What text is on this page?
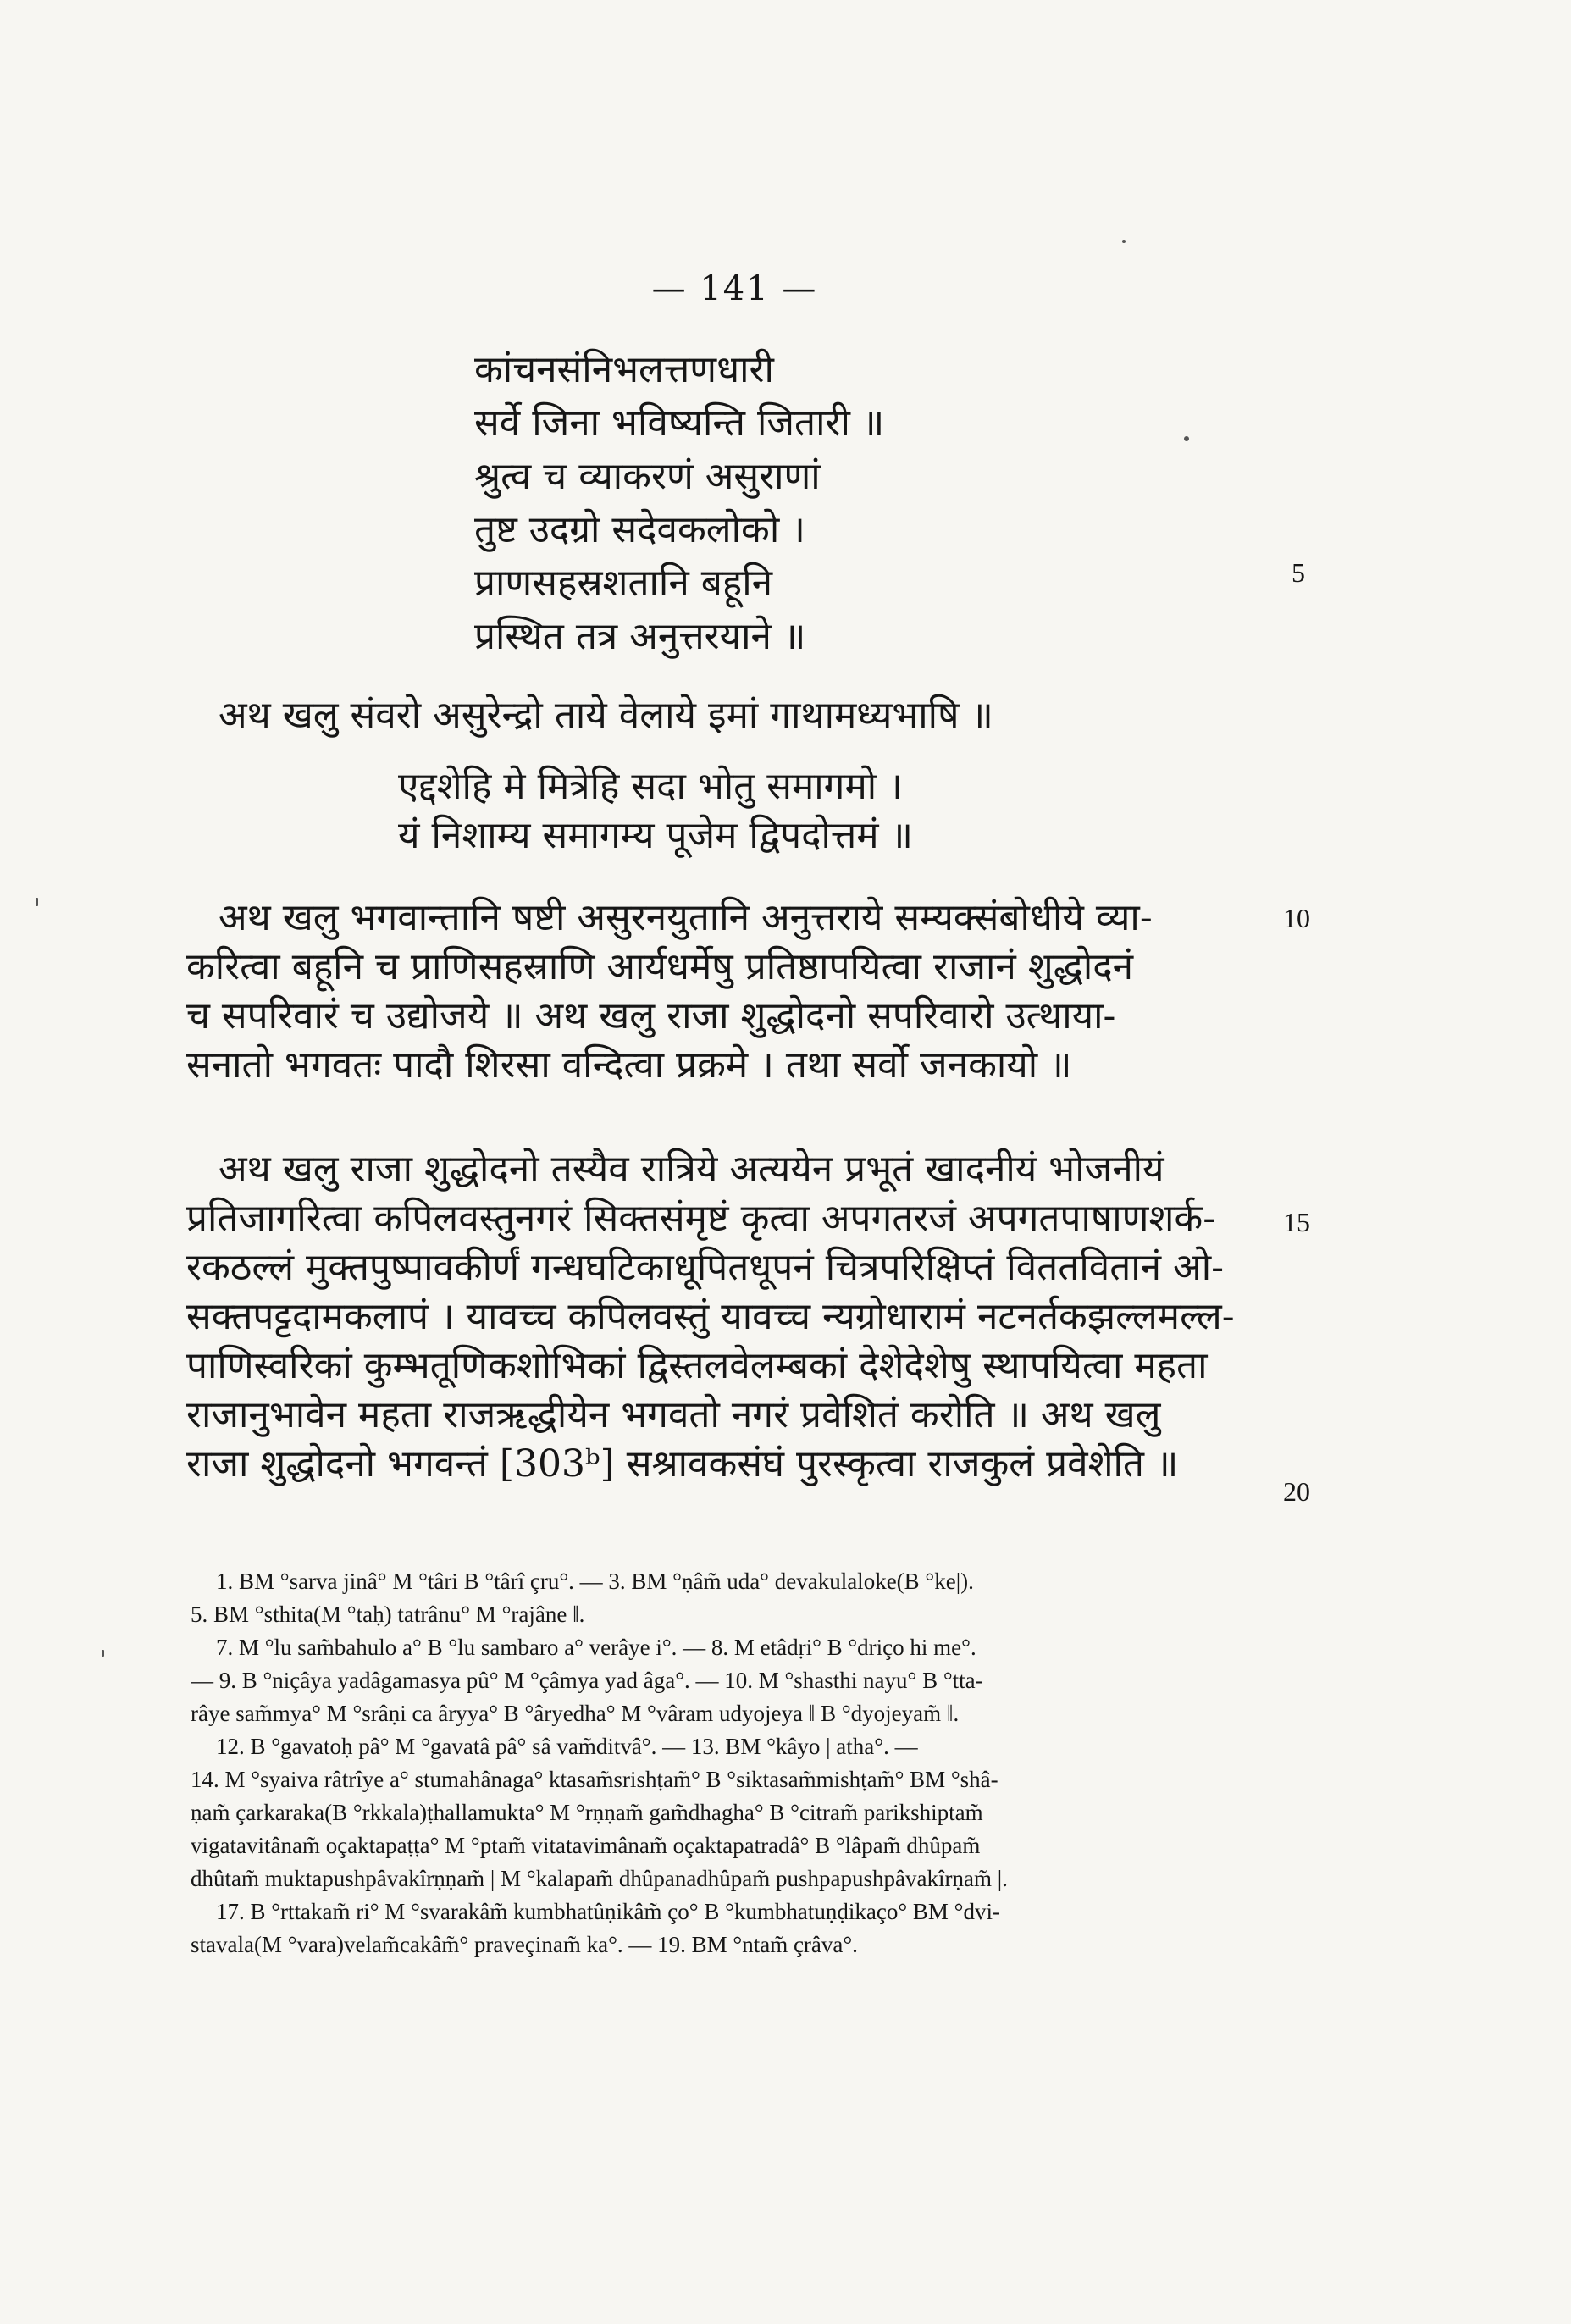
— 141 —
कांचनसंनिभलत्तणधारी
सर्वे जिना भविष्यन्ति जितारी ॥
श्रुत्व च व्याकरणं असुराणां
तुष्ट उदग्रो सदेवकलोको ।
प्राणसहस्रशतानि बहूनि
प्रस्थित तत्र अनुत्तरयाने ॥
5
अथ खलु संवरो असुरेन्द्रो ताये वेलाये इमां गाथामध्यभाषि ॥
एद्दशेहि मे मित्रेहि सदा भोतु समागमो ।
यं निशाम्य समागम्य पूजेम द्विपदोत्तमं ॥
अथ खलु भगवान्तानि षष्टी असुरनयुतानि अनुत्तराये सम्यक्संबोधीये व्या-
करित्वा बहूनि च प्राणिसहस्राणि आर्यधर्मेषु प्रतिष्ठापयित्वा राजानं शुद्धोदनं
च सपरिवारं च उद्योजये ॥ अथ खलु राजा शुद्धोदनो सपरिवारो उत्थाया-
सनातो भगवतः पादौ शिरसा वन्दित्वा प्रक्रमे । तथा सर्वो जनकायो ॥
10
अथ खलु राजा शुद्धोदनो तस्यैव रात्रिये अत्ययेन प्रभूतं खादनीयं भोजनीयं
प्रतिजागरित्वा कपिलवस्तुनगरं सिक्तसंमृष्टं कृत्वा अपगतरजं अपगतपाषाणशर्क-
रकठल्लं मुक्तपुष्पावकीर्णं गन्धघटिकाधूपितधूपनं चित्रपरिक्षिप्तं विततवितानं ओ-
सक्तपट्टदामकलापं । यावच्च कपिलवस्तुं यावच्च न्यग्रोधारामं नटनर्तकझल्लमल्ल-
पाणिस्वरिकां कुम्भतूणिकशोभिकां द्विस्तलवेलम्बकां देशेदेशेषु स्थापयित्वा महता
राजानुभावेन महता राजऋद्धीयेन भगवतो नगरं प्रवेशितं करोति ॥ अथ खलु
राजा शुद्धोदनो भगवन्तं [303ᵇ] सश्रावकसंघं पुरस्कृत्वा राजकुलं प्रवेशेति ॥
15
20
1. BM °sarva jinâ° M °târi B °târî çru°. — 3. BM °ṇâm̃ uda° devakulaloke(B °ke|).
5. BM °sthita(M °taḥ) tatrânu° M °rajâne ‖.
7. M °lu sam̃bahulo a° B °lu sambaro a° verâye i°. — 8. M etâdṛi° B °driço hi me°.
— 9. B °niçâya yadâgamasya pû° M °çâmya yad âga°. — 10. M °shasthi nayu° B °tta-
râye sam̃mya° M °srâṇi ca âryya° B °âryedha° M °vâram udyojeya ‖ B °dyojeyam̃ ‖.
12. B °gavatoḥ pâ° M °gavatâ pâ° sâ vam̃ditvâ°. — 13. BM °kâyo | atha°. —
14. M °syaiva râtrîye a° stumahânaga° ktasam̃srishṭam̃° B °siktasam̃mishṭam̃° BM °shâ-
ṇam̃ çarkaraka(B °rkkala)ṭhallamukta° M °rṇṇam̃ gam̃dhagha° B °citram̃ parikshiptam̃
vigatavitânam̃ oçaktapaṭṭa° M °ptam̃ vitatavimânam̃ oçaktapatradâ° B °lâpam̃ dhûpam̃
dhûtam̃ muktapushpâvakîrṇṇam̃ | M °kalapam̃ dhûpanadhûpam̃ pushpapushpâvakîrṇam̃ |.
17. B °rttakam̃ ri° M °svarakâm̃ kumbhatûṇikâm̃ ço° B °kumbhatuṇḍikaço° BM °dvi-
stavala(M °vara)velam̃cakâm̃° praveçinam̃ ka°. — 19. BM °ntam̃ çrâva°.
